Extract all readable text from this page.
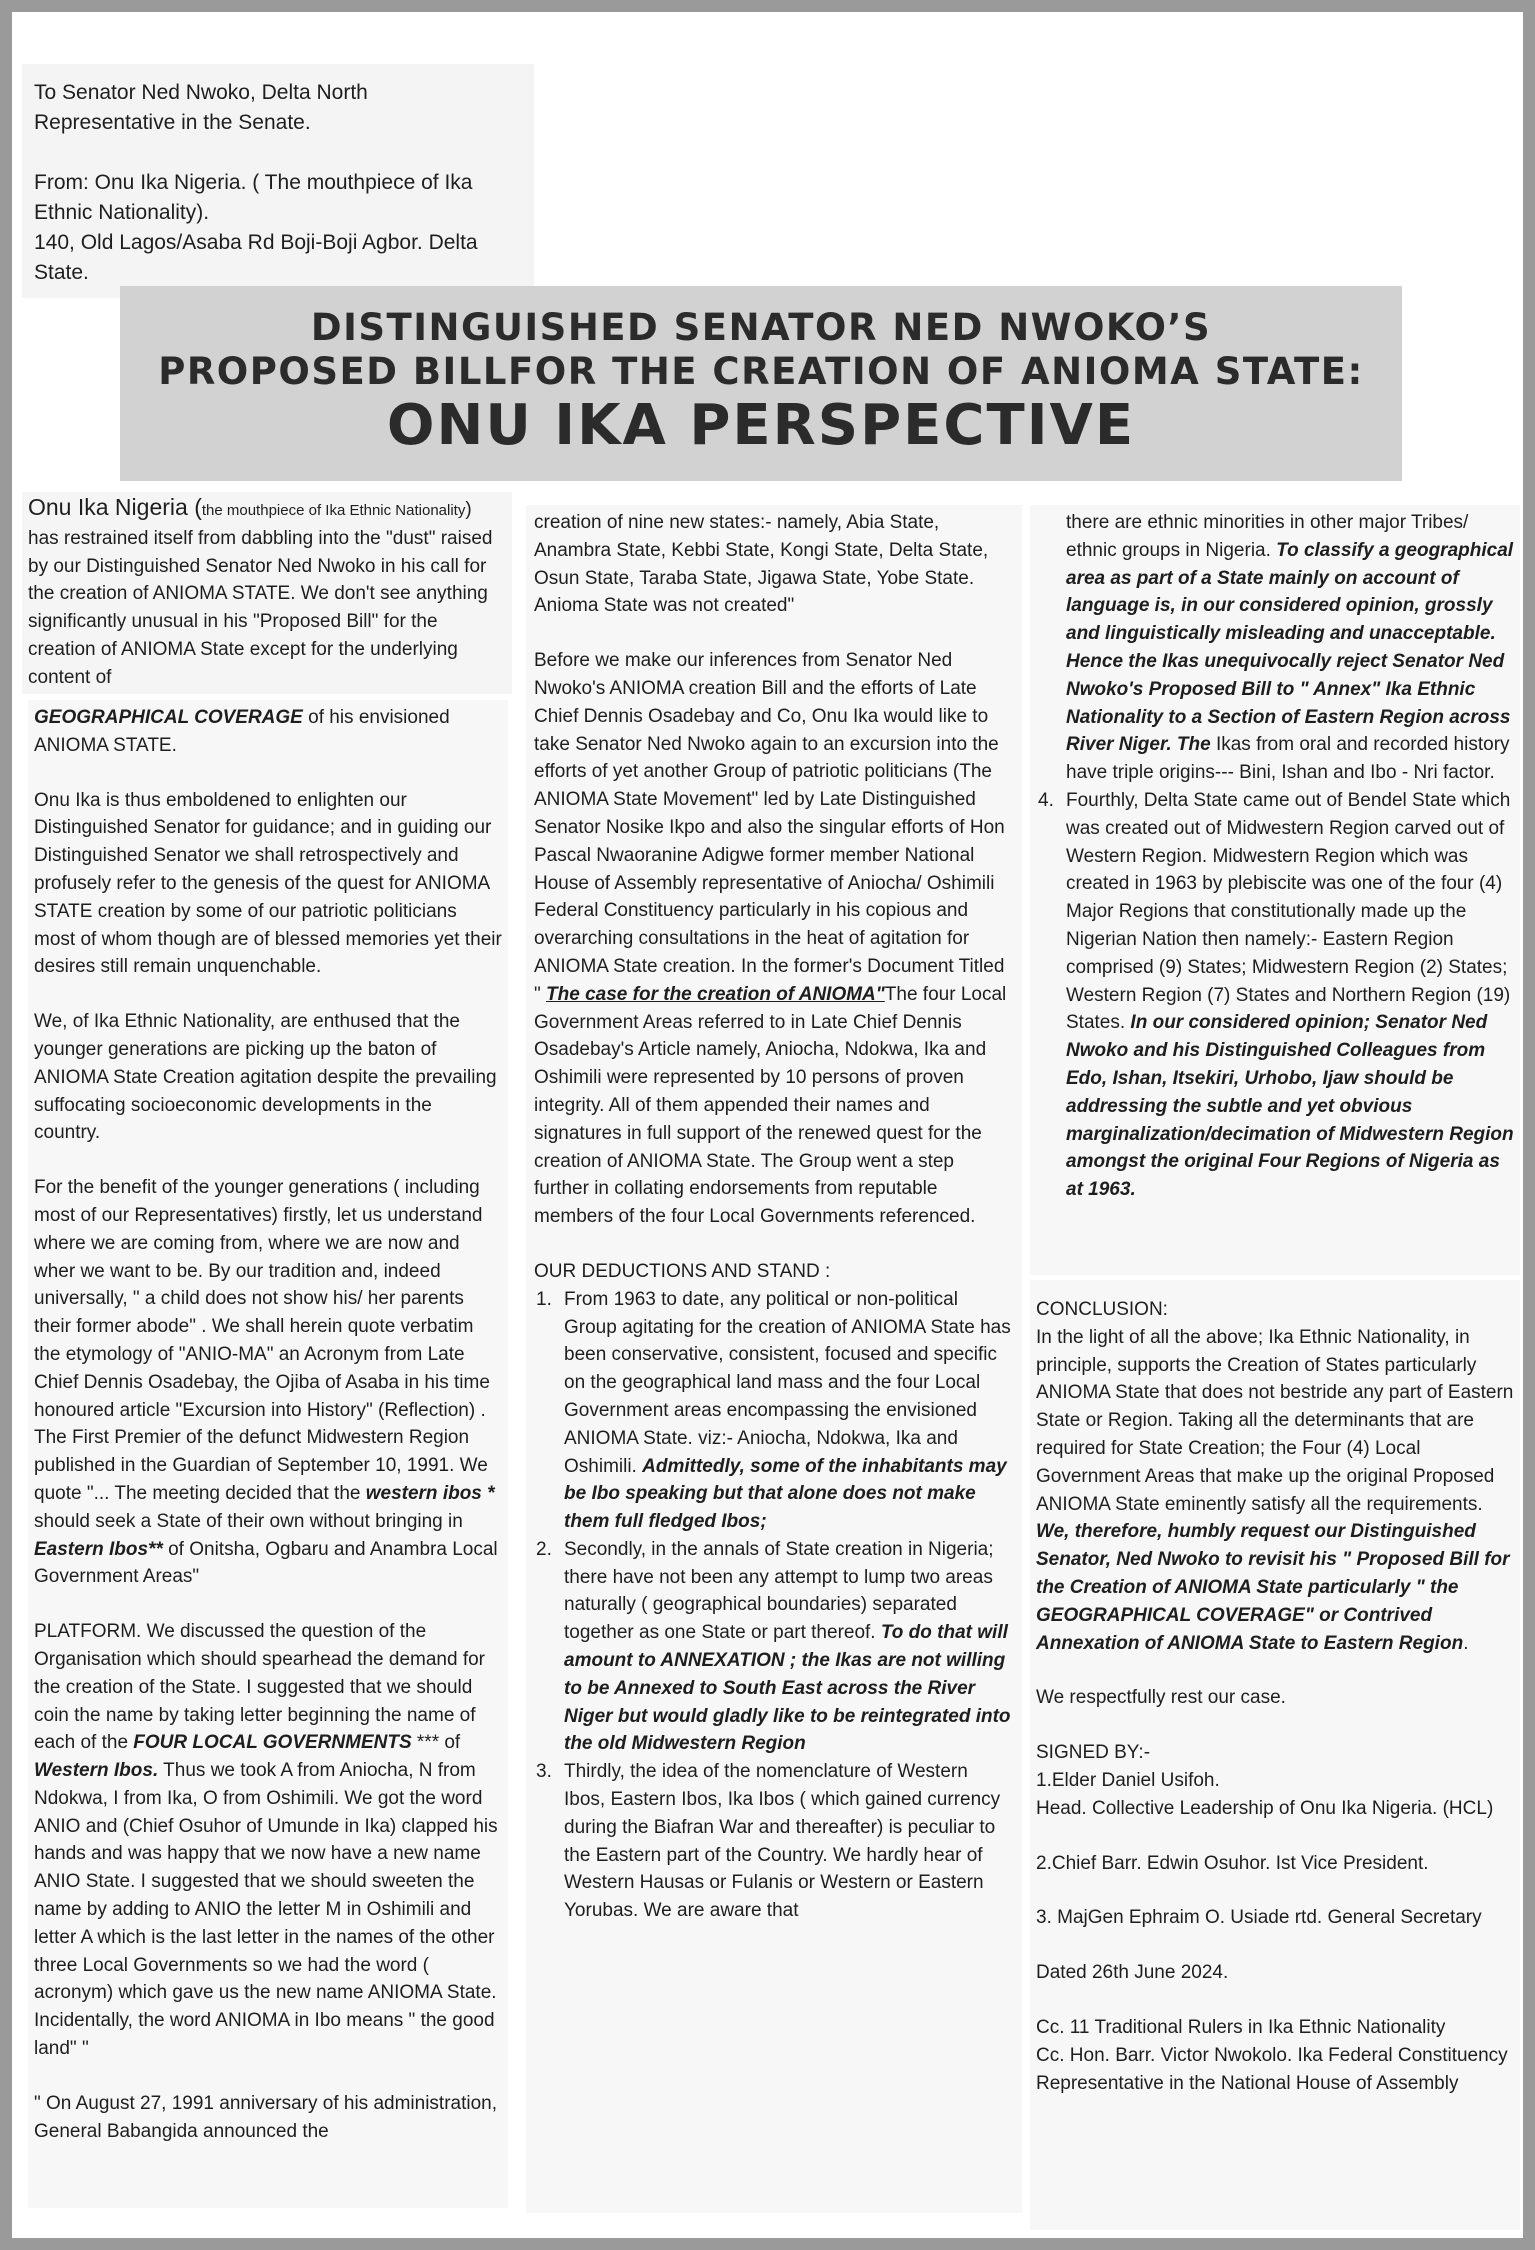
To Senator Ned Nwoko, Delta North

Representative in the Senate.

From: Onu Ika Nigeria. ( The mouthpiece of Ika

Ethnic Nationality).

140, Old Lagos/Asaba Rd Boji-Boji Agbor. Delta

State.

DISTINGUISHED SENATOR NED NWOKO’S
PROPOSED BILLFOR THE CREATION OF ANIOMA STATE:
ONU IKA PERSPECTIVE

Onu Ika Nigeria (the mouthpiece of Ika Ethnic Nationality) has restrained itself from dabbling into the "dust" raised by our Distinguished Senator Ned Nwoko in his call for the creation of ANIOMA STATE. We don't see anything significantly unusual in his "Proposed Bill" for the creation of ANIOMA State except for the underlying content of

GEOGRAPHICAL COVERAGE of his envisioned ANIOMA STATE.

Onu Ika is thus emboldened to enlighten our Distinguished Senator for guidance; and in guiding our Distinguished Senator we shall retrospectively and profusely refer to the genesis of the quest for ANIOMA STATE creation by some of our patriotic politicians most of whom though are of blessed memories yet their desires still remain unquenchable.

We, of Ika Ethnic Nationality, are enthused that the younger generations are picking up the baton of ANIOMA State Creation agitation despite the prevailing suffocating socioeconomic developments in the country.

For the benefit of the younger generations ( including most of our Representatives) firstly, let us understand where we are coming from, where we are now and wher we want to be. By our tradition and, indeed universally, " a child does not show his/ her parents their former abode" . We shall herein quote verbatim the etymology of "ANIO-MA" an Acronym from Late Chief Dennis Osadebay, the Ojiba of Asaba in his time honoured article "Excursion into History" (Reflection) . The First Premier of the defunct Midwestern Region published in the Guardian of September 10, 1991. We quote "... The meeting decided that the western ibos * should seek a State of their own without bringing in Eastern Ibos** of Onitsha, Ogbaru and Anambra Local Government Areas"

PLATFORM. We discussed the question of the Organisation which should spearhead the demand for the creation of the State. I suggested that we should coin the name by taking letter beginning the name of each of the FOUR LOCAL GOVERNMENTS *** of Western Ibos. Thus we took A from Aniocha, N from Ndokwa, I from Ika, O from Oshimili. We got the word ANIO and (Chief Osuhor of Umunde in Ika) clapped his hands and was happy that we now have a new name ANIO State. I suggested that we should sweeten the name by adding to ANIO the letter M in Oshimili and letter A which is the last letter in the names of the other three Local Governments so we had the word ( acronym) which gave us the new name ANIOMA State. Incidentally, the word ANIOMA in Ibo means " the good land" "

" On August 27, 1991 anniversary of his administration, General Babangida announced the

creation of nine new states:- namely, Abia State, Anambra State, Kebbi State, Kongi State, Delta State, Osun State, Taraba State, Jigawa State, Yobe State. Anioma State was not created"

Before we make our inferences from Senator Ned Nwoko's ANIOMA creation Bill and the efforts of Late Chief Dennis Osadebay and Co, Onu Ika would like to take Senator Ned Nwoko again to an excursion into the efforts of yet another Group of patriotic politicians (The ANIOMA State Movement" led by Late Distinguished Senator Nosike Ikpo and also the singular efforts of Hon Pascal Nwaoranine Adigwe former member National House of Assembly representative of Aniocha/ Oshimili Federal Constituency particularly in his copious and overarching consultations in the heat of agitation for ANIOMA State creation. In the former's Document Titled " The case for the creation of ANIOMA"The four Local Government Areas referred to in Late Chief Dennis Osadebay's Article namely, Aniocha, Ndokwa, Ika and Oshimili were represented by 10 persons of proven integrity. All of them appended their names and signatures in full support of the renewed quest for the creation of ANIOMA State. The Group went a step further in collating endorsements from reputable members of the four Local Governments referenced.

OUR DEDUCTIONS AND STAND :

1. From 1963 to date, any political or non-political Group agitating for the creation of ANIOMA State has been conservative, consistent, focused and specific on the geographical land mass and the four Local Government areas encompassing the envisioned ANIOMA State. viz:- Aniocha, Ndokwa, Ika and Oshimili. Admittedly, some of the inhabitants may be Ibo speaking but that alone does not make them full fledged Ibos;
2. Secondly, in the annals of State creation in Nigeria; there have not been any attempt to lump two areas naturally ( geographical boundaries) separated together as one State or part thereof. To do that will amount to ANNEXATION ; the Ikas are not willing to be Annexed to South East across the River Niger but would gladly like to be reintegrated into the old Midwestern Region
3. Thirdly, the idea of the nomenclature of Western Ibos, Eastern Ibos, Ika Ibos ( which gained currency during the Biafran War and thereafter) is peculiar to the Eastern part of the Country. We hardly hear of Western Hausas or Fulanis or Western or Eastern Yorubas. We are aware that
there are ethnic minorities in other major Tribes/ ethnic groups in Nigeria. To classify a geographical area as part of a State mainly on account of language is, in our considered opinion, grossly and linguistically misleading and unacceptable. Hence the Ikas unequivocally reject Senator Ned Nwoko's Proposed Bill to " Annex" Ika Ethnic Nationality to a Section of Eastern Region across River Niger. The Ikas from oral and recorded history have triple origins--- Bini, Ishan and Ibo - Nri factor.
4. Fourthly, Delta State came out of Bendel State which was created out of Midwestern Region carved out of Western Region. Midwestern Region which was created in 1963 by plebiscite was one of the four (4) Major Regions that constitutionally made up the Nigerian Nation then namely:- Eastern Region comprised (9) States; Midwestern Region (2) States; Western Region (7) States and Northern Region (19) States. In our considered opinion; Senator Ned Nwoko and his Distinguished Colleagues from Edo, Ishan, Itsekiri, Urhobo, Ijaw should be addressing the subtle and yet obvious marginalization/decimation of Midwestern Region amongst the original Four Regions of Nigeria as at 1963.

CONCLUSION:

In the light of all the above; Ika Ethnic Nationality, in principle, supports the Creation of States particularly ANIOMA State that does not bestride any part of Eastern State or Region. Taking all the determinants that are required for State Creation; the Four (4) Local Government Areas that make up the original Proposed ANIOMA State eminently satisfy all the requirements.
We, therefore, humbly request our Distinguished Senator, Ned Nwoko to revisit his " Proposed Bill for the Creation of ANIOMA State particularly " the GEOGRAPHICAL COVERAGE" or Contrived Annexation of ANIOMA State to Eastern Region.

We respectfully rest our case.

SIGNED BY:-

1.Elder Daniel Usifoh.

Head. Collective Leadership of Onu Ika Nigeria. (HCL)

2.Chief Barr. Edwin Osuhor. Ist Vice President.

3. MajGen Ephraim O. Usiade rtd. General Secretary

Dated 26th June 2024.

Cc. 11 Traditional Rulers in Ika Ethnic Nationality

Cc. Hon. Barr. Victor Nwokolo. Ika Federal Constituency Representative in the National House of Assembly
